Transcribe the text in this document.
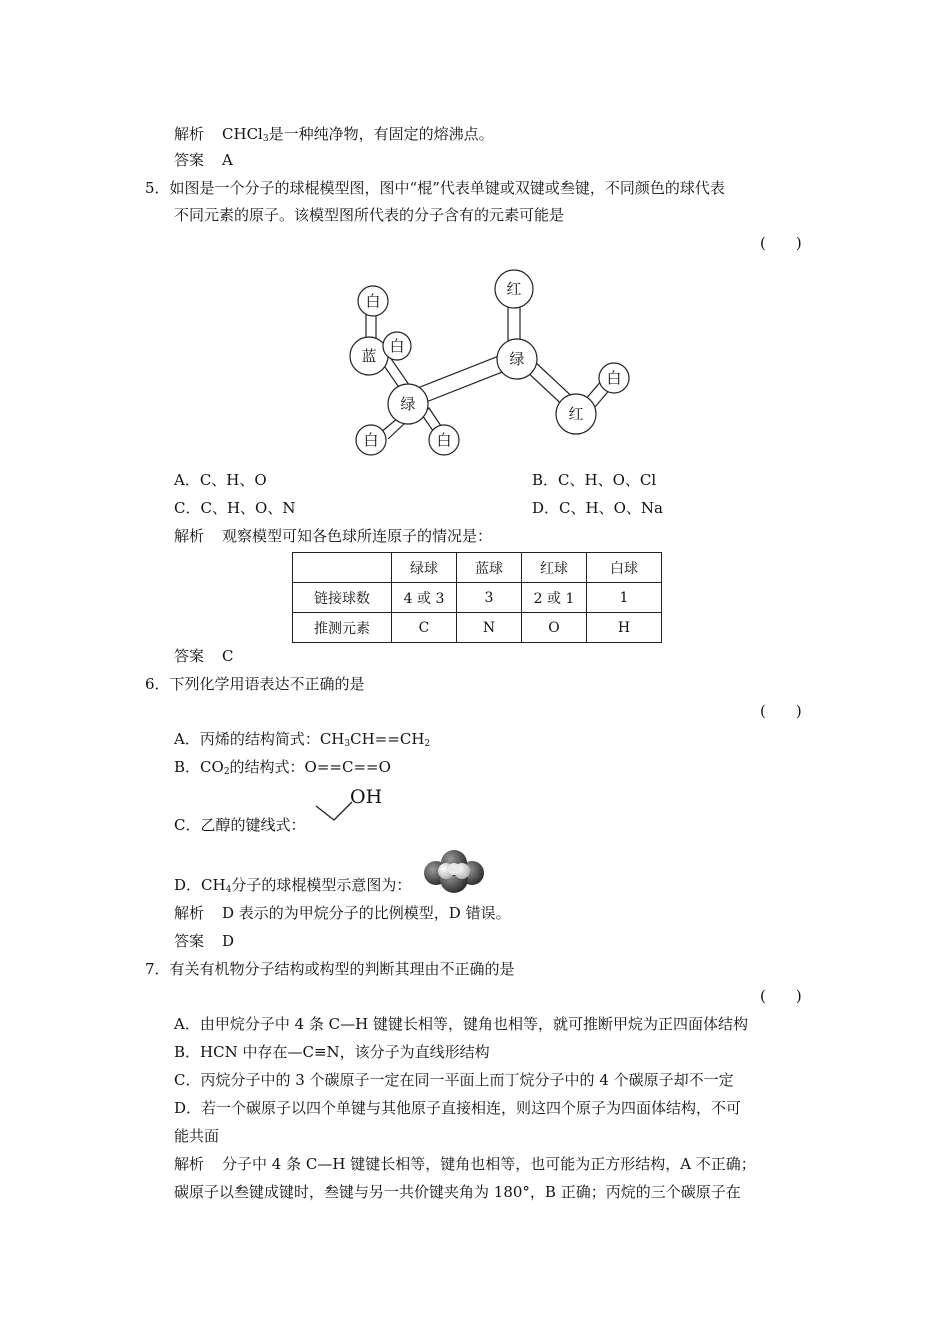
解析 CHCl$_3$是一种纯净物，有固定的熔沸点。
答案 A
5．如图是一个分子的球棍模型图，图中“棍”代表单键或双键或叁键，不同颜色的球代表
不同元素的原子。该模型图所代表的分子含有的元素可能是
(　　)
白
蓝
白
绿
白	白
红
绿
白
红
A．C、H、O	B．C、H、O、Cl
C．C、H、O、N	D．C、H、O、Na
解析 观察模型可知各色球所连原子的情况是：
	绿球	蓝球	红球	白球
链接球数	4 或 3	3	2 或 1	1
推测元素	C	N	O	H
答案 C
6．下列化学用语表达不正确的是
(　　)
A．丙烯的结构简式：$CH_3CH==CH_2$
B．$CO_2$的结构式：O==C==O
C．乙醇的键线式：
OH
D．$CH_4$分子的球棍模型示意图为：
解析 D 表示的为甲烷分子的比例模型，D 错误。
答案 D
7．有关有机物分子结构或构型的判断其理由不正确的是
(　　)
A．由甲烷分子中 4 条 C—H 键键长相等，键角也相等，就可推断甲烷为正四面体结构
B．HCN 中存在—C≡N，该分子为直线形结构
C．丙烷分子中的 3 个碳原子一定在同一平面上而丁烷分子中的 4 个碳原子却不一定
D．若一个碳原子以四个单键与其他原子直接相连，则这四个原子为四面体结构，不可
能共面
解析 分子中 4 条 C—H 键键长相等，键角也相等，也可能为正方形结构，A 不正确；
碳原子以叁键成键时，叁键与另一共价键夹角为 180°，B 正确；丙烷的三个碳原子在
